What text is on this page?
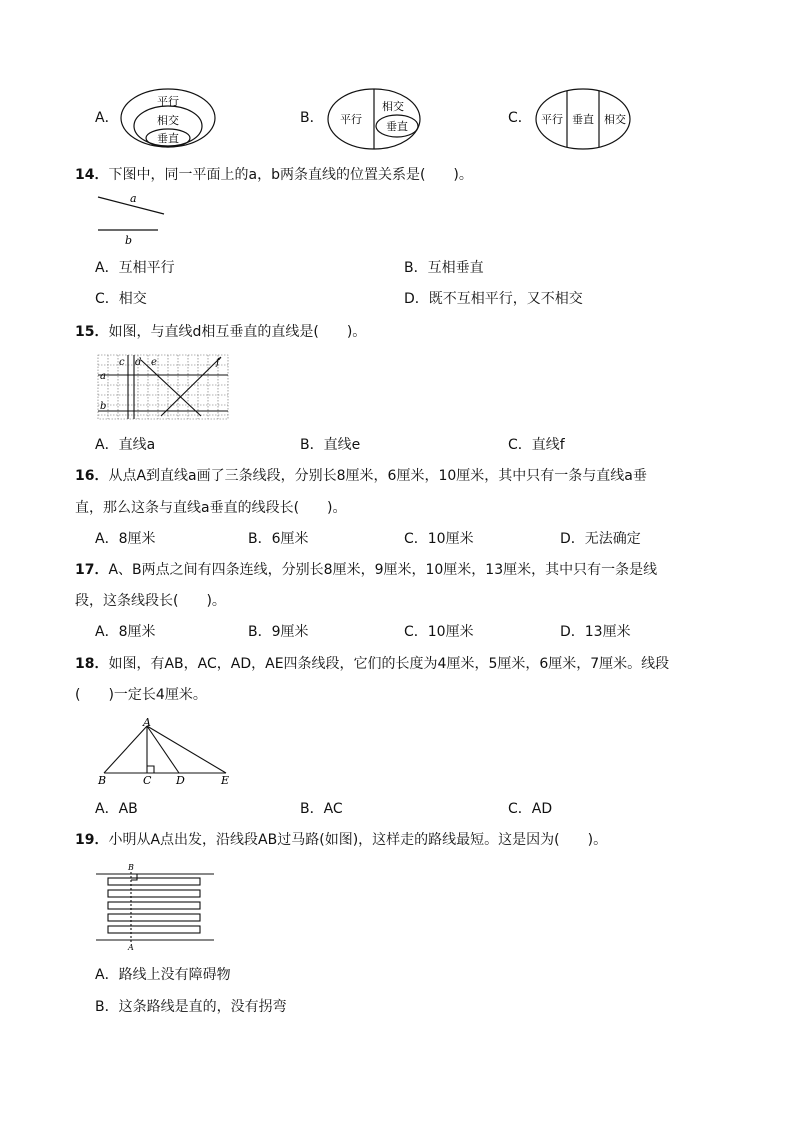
A．
平行
相交
垂直
B． 平行
相交
垂直
C． 平行 垂直 相交
14．下图中，同一平面上的a，b两条直线的位置关系是(　　)。
a
b
A．互相平行	B．互相垂直
C．相交	D．既不互相平行，又不相交
15．如图，与直线d相互垂直的直线是(　　)。
a
b
c d e	f
A．直线a	B．直线e	C．直线f
16．从点A到直线a画了三条线段，分别长8厘米，6厘米，10厘米，其中只有一条与直线a垂
直，那么这条与直线a垂直的线段长(　　)。
A．8厘米	B．6厘米	C．10厘米	D．无法确定
17．A、B两点之间有四条连线，分别长8厘米，9厘米，10厘米，13厘米，其中只有一条是线
段，这条线段长(　　)。
A．8厘米	B．9厘米	C．10厘米	D．13厘米
18．如图，有AB，AC，AD，AE四条线段，它们的长度为4厘米，5厘米，6厘米，7厘米。线段
(　　)一定长4厘米。
A
B	C D	E
A．AB	B．AC	C．AD
19．小明从A点出发，沿线段AB过马路(如图)，这样走的路线最短。这是因为(　　)。
B
A
A．路线上没有障碍物
B．这条路线是直的，没有拐弯
